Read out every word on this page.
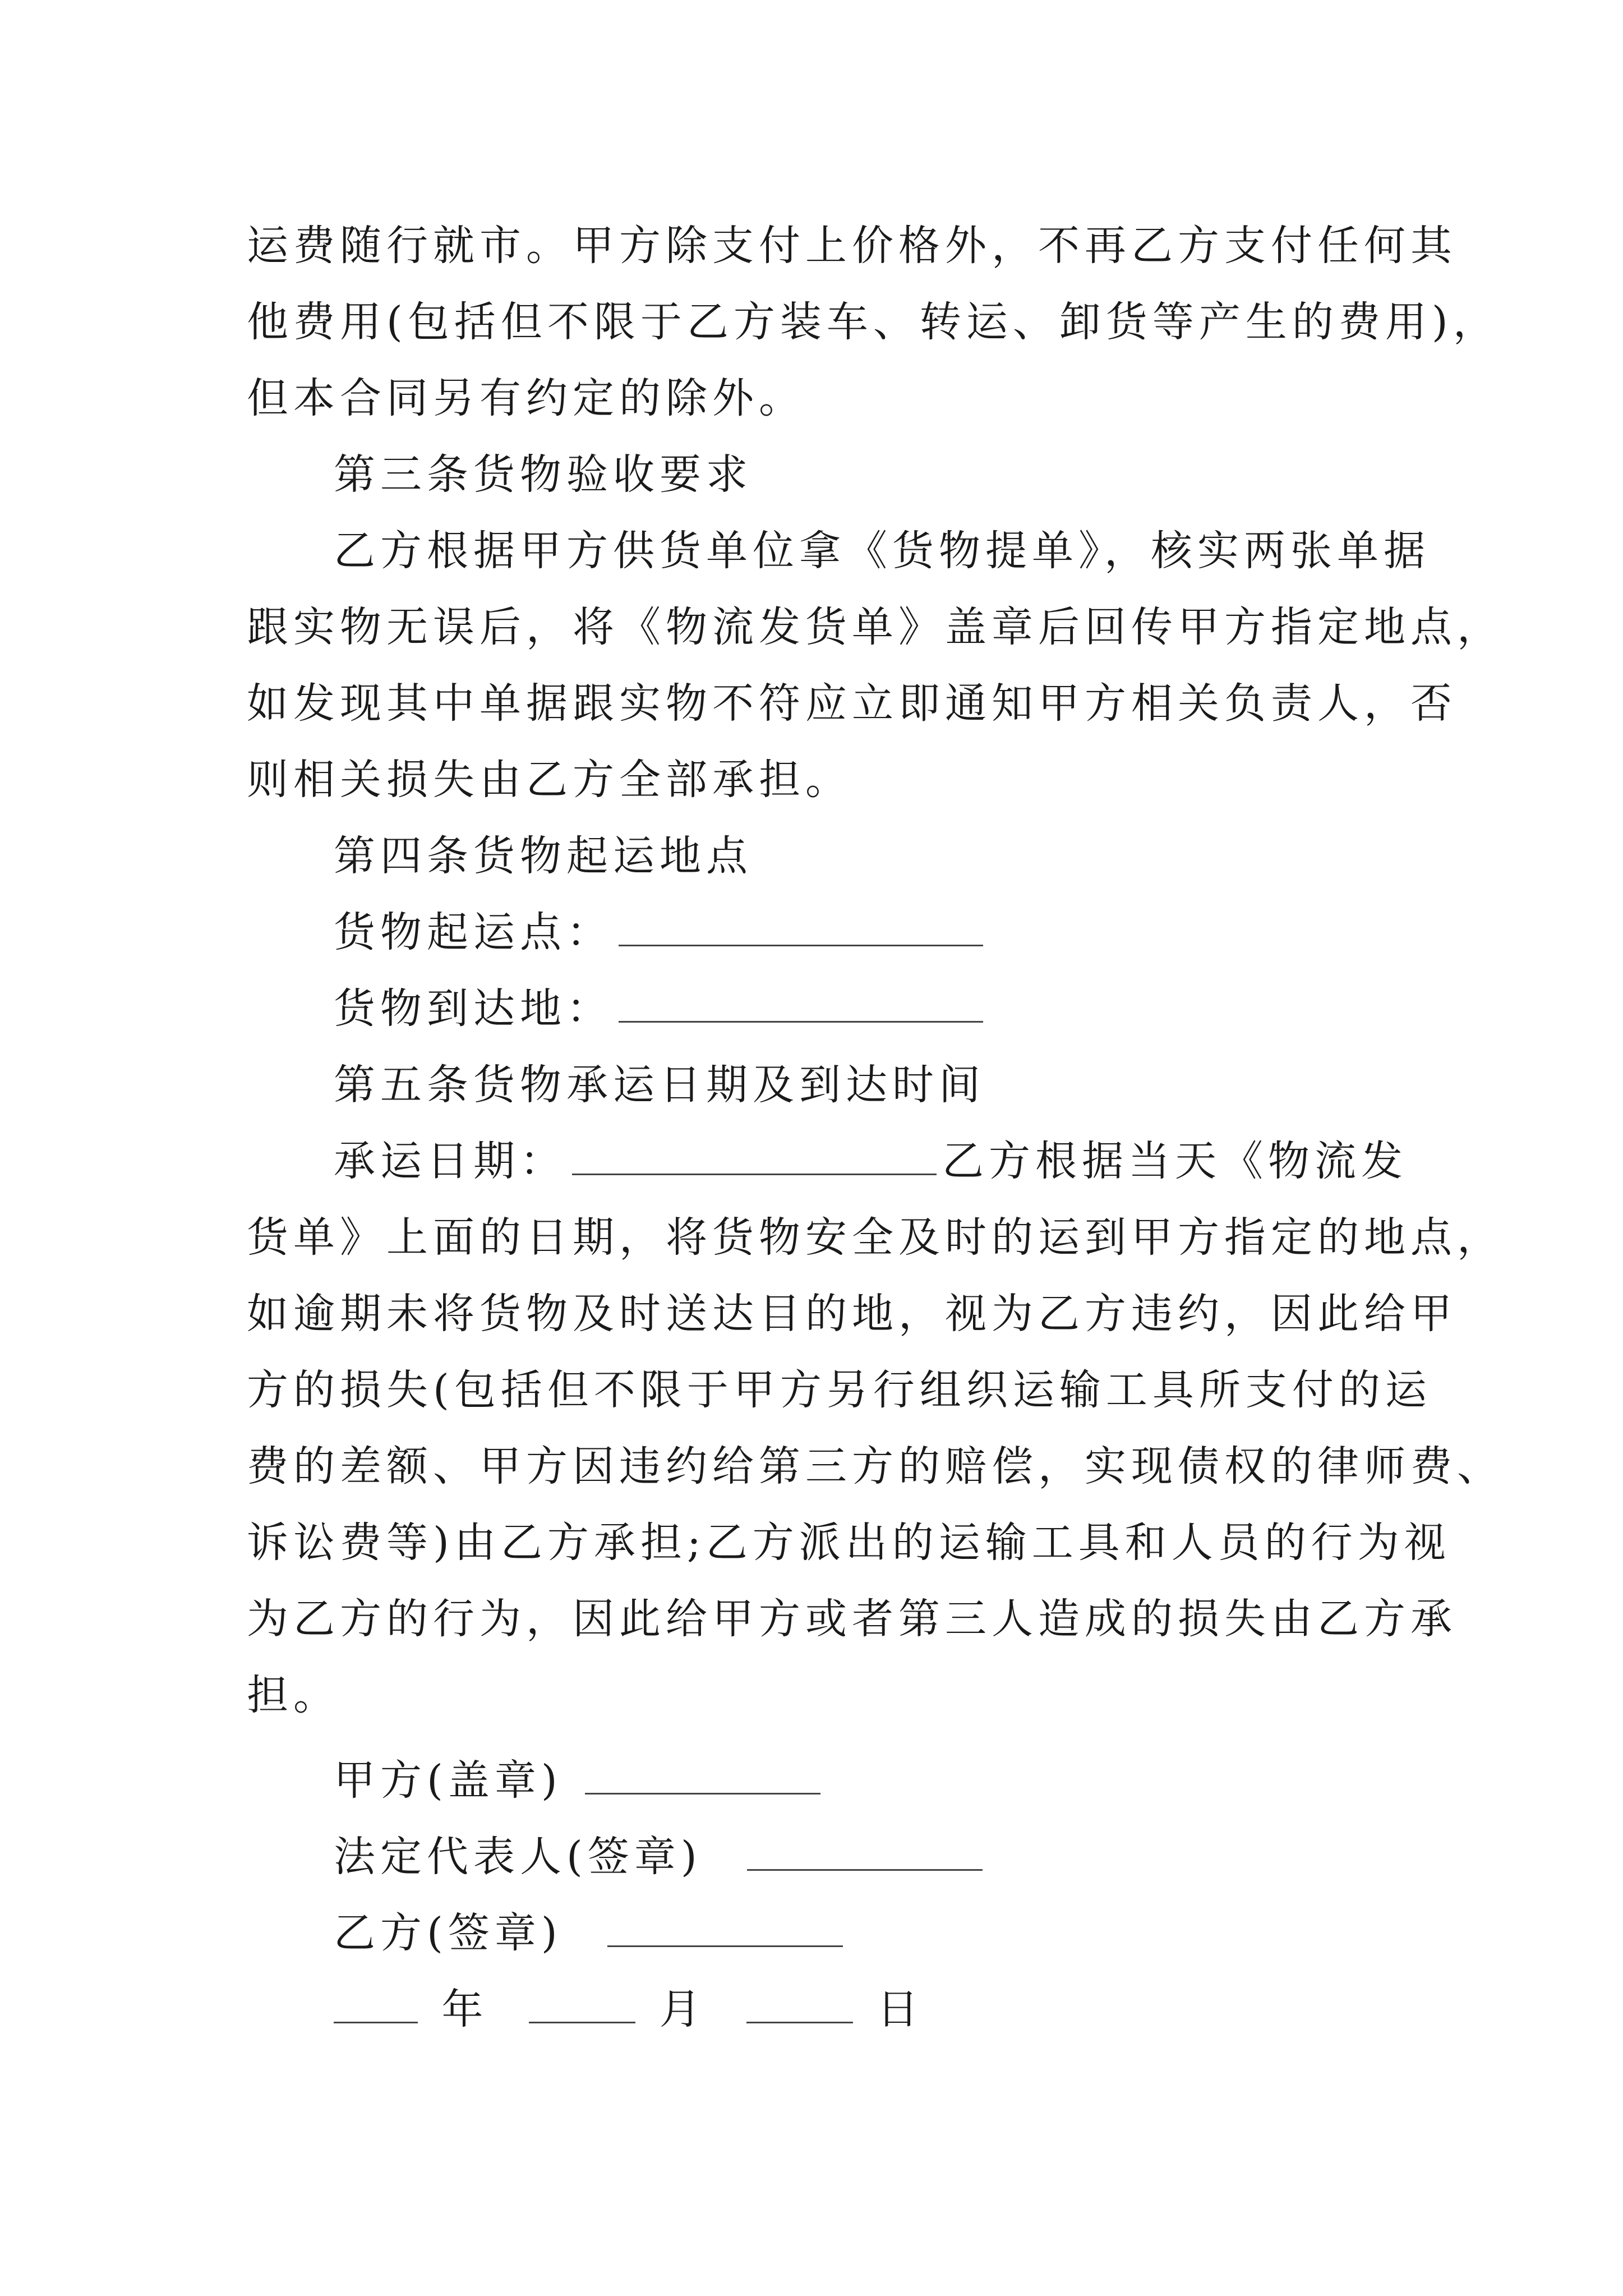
运费随行就市。甲方除支付上价格外，不再乙方支付任何其
他费用(包括但不限于乙方装车、转运、卸货等产生的费用)，
但本合同另有约定的除外。
第三条货物验收要求
乙方根据甲方供货单位拿《货物提单》，核实两张单据
跟实物无误后，将《物流发货单》盖章后回传甲方指定地点，
如发现其中单据跟实物不符应立即通知甲方相关负责人，否
则相关损失由乙方全部承担。
第四条货物起运地点
货物起运点：
货物到达地：
第五条货物承运日期及到达时间
承运日期：	乙方根据当天《物流发
货单》上面的日期，将货物安全及时的运到甲方指定的地点，
如逾期未将货物及时送达目的地，视为乙方违约，因此给甲
方的损失(包括但不限于甲方另行组织运输工具所支付的运
费的差额、甲方因违约给第三方的赔偿，实现债权的律师费、
诉讼费等)由乙方承担;乙方派出的运输工具和人员的行为视
为乙方的行为，因此给甲方或者第三人造成的损失由乙方承
担。
甲方(盖章)
法定代表人(签章)
乙方(签章)
年	月	日
